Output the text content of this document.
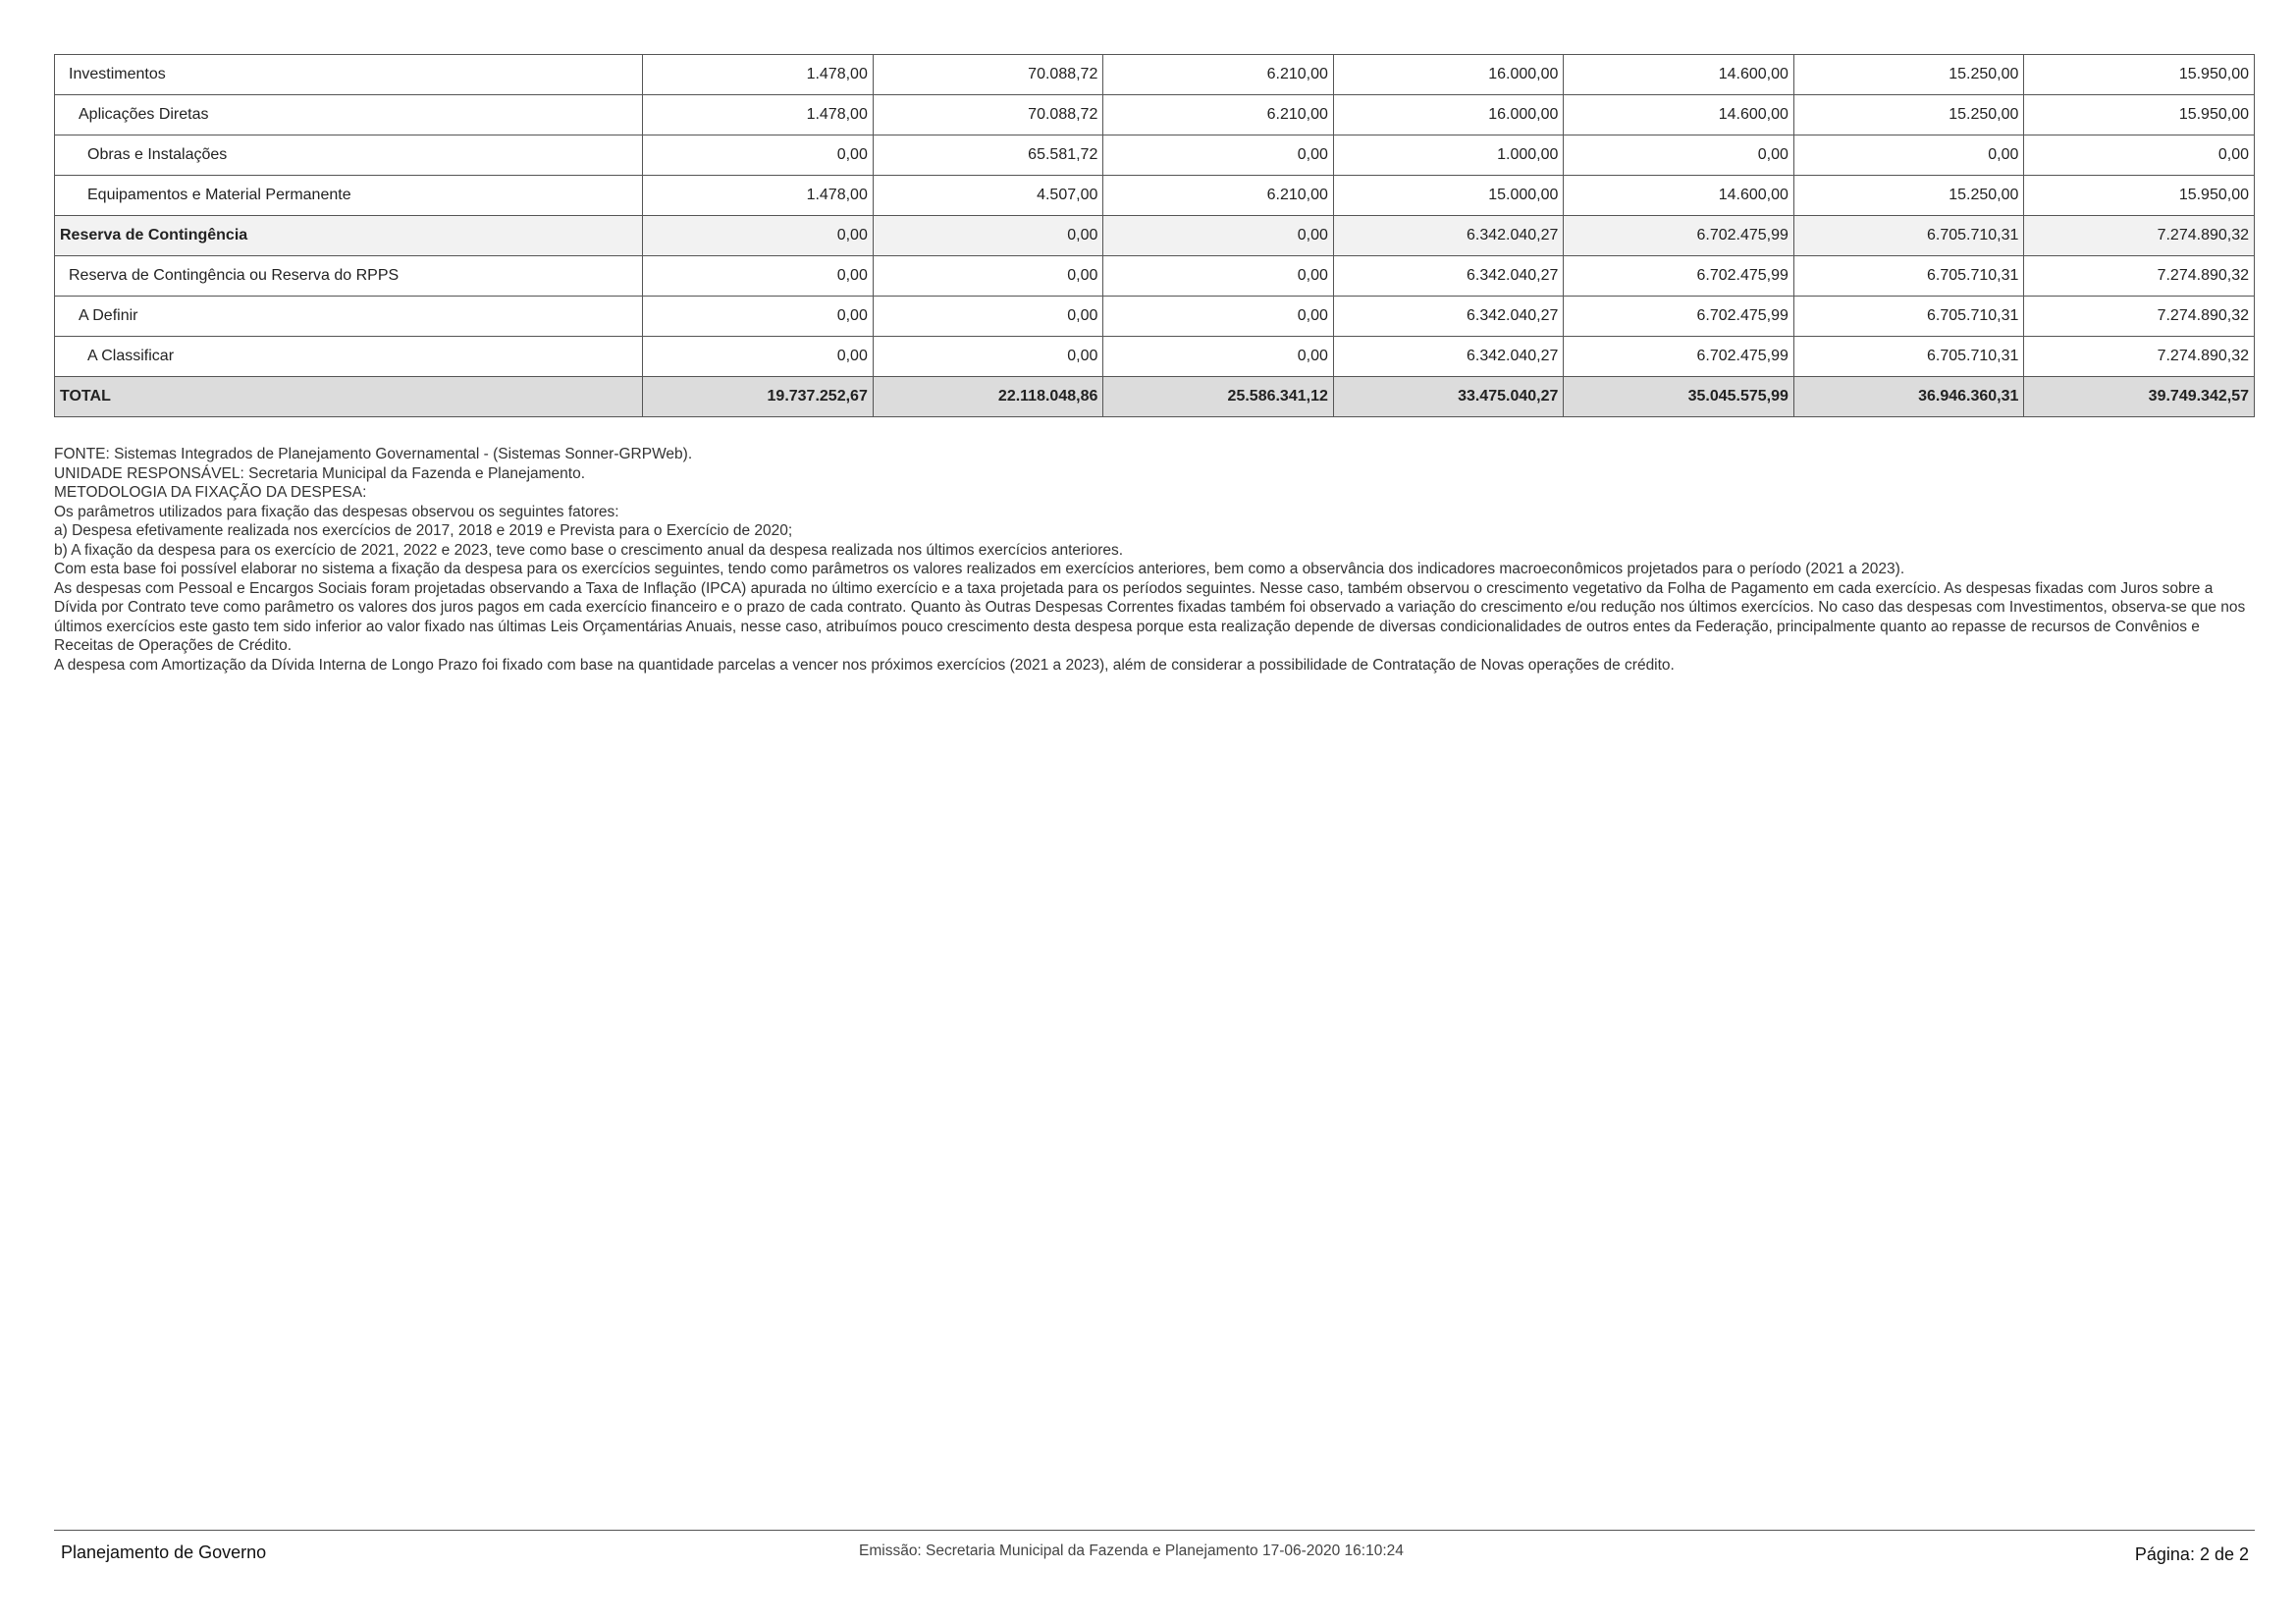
Investimentos	1.478,00	70.088,72	6.210,00	16.000,00	14.600,00	15.250,00	15.950,00
Aplicações Diretas	1.478,00	70.088,72	6.210,00	16.000,00	14.600,00	15.250,00	15.950,00
Obras e Instalações	0,00	65.581,72	0,00	1.000,00	0,00	0,00	0,00
Equipamentos e Material Permanente	1.478,00	4.507,00	6.210,00	15.000,00	14.600,00	15.250,00	15.950,00
Reserva de Contingência	0,00	0,00	0,00	6.342.040,27	6.702.475,99	6.705.710,31	7.274.890,32
Reserva de Contingência ou Reserva do RPPS	0,00	0,00	0,00	6.342.040,27	6.702.475,99	6.705.710,31	7.274.890,32
A Definir	0,00	0,00	0,00	6.342.040,27	6.702.475,99	6.705.710,31	7.274.890,32
A Classificar	0,00	0,00	0,00	6.342.040,27	6.702.475,99	6.705.710,31	7.274.890,32
TOTAL	19.737.252,67	22.118.048,86	25.586.341,12	33.475.040,27	35.045.575,99	36.946.360,31	39.749.342,57

FONTE: Sistemas Integrados de Planejamento Governamental - (Sistemas Sonner-GRPWeb).

UNIDADE RESPONSÁVEL: Secretaria Municipal da Fazenda e Planejamento.

METODOLOGIA DA FIXAÇÃO DA DESPESA:

Os parâmetros utilizados para fixação das despesas observou os seguintes fatores:

a) Despesa efetivamente realizada nos exercícios de 2017, 2018 e 2019 e Prevista para o Exercício de 2020;

b) A fixação da despesa para os exercício de 2021, 2022 e 2023, teve como base o crescimento anual da despesa realizada nos últimos exercícios anteriores.

Com esta base foi possível elaborar no sistema a fixação da despesa para os exercícios seguintes, tendo como parâmetros os valores realizados em exercícios anteriores, bem como a observância dos indicadores macroeconômicos projetados para o período (2021 a 2023).

As despesas com Pessoal e Encargos Sociais foram projetadas observando a Taxa de Inflação (IPCA) apurada no último exercício e a taxa projetada para os períodos seguintes. Nesse caso, também observou o crescimento vegetativo da Folha de Pagamento em cada exercício. As despesas fixadas com Juros sobre a Dívida por Contrato teve como parâmetro os valores dos juros pagos em cada exercício financeiro e o prazo de cada contrato. Quanto às Outras Despesas Correntes fixadas também foi observado a variação do crescimento e/ou redução nos últimos exercícios. No caso das despesas com Investimentos, observa-se que nos últimos exercícios este gasto tem sido inferior ao valor fixado nas últimas Leis Orçamentárias Anuais, nesse caso, atribuímos pouco crescimento desta despesa porque esta realização depende de diversas condicionalidades de outros entes da Federação, principalmente quanto ao repasse de recursos de Convênios e Receitas de Operações de Crédito.

A despesa com Amortização da Dívida Interna de Longo Prazo foi fixado com base na quantidade parcelas a vencer nos próximos exercícios (2021 a 2023), além de considerar a possibilidade de Contratação de Novas operações de crédito.

Planejamento de Governo	Emissão: Secretaria Municipal da Fazenda e Planejamento 17-06-2020 16:10:24	Página: 2 de 2
